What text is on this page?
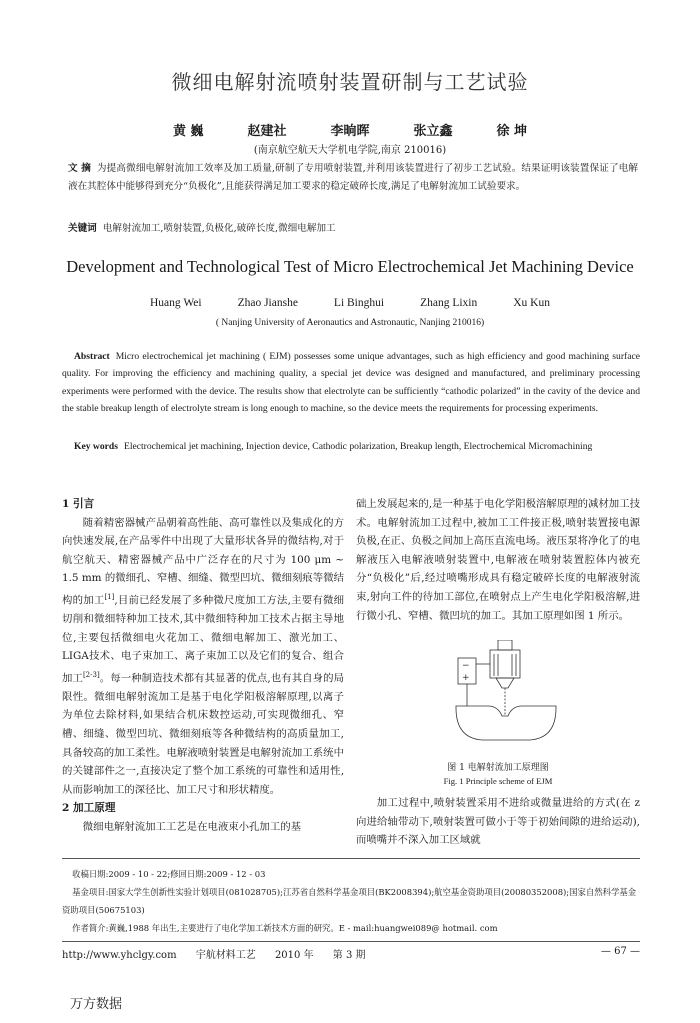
微细电解射流喷射装置研制与工艺试验
黄 巍	赵建社	李晌晖	张立鑫	徐 坤
(南京航空航天大学机电学院,南京 210016)
文 摘 为提高微细电解射流加工效率及加工质量,研制了专用喷射装置,并利用该装置进行了初步工艺试验。结果证明该装置保证了电解液在其腔体中能够得到充分“负极化”,且能获得满足加工要求的稳定破碎长度,满足了电解射流加工试验要求。
关键词 电解射流加工,喷射装置,负极化,破碎长度,微细电解加工
Development and Technological Test of Micro Electrochemical Jet Machining Device
Huang Wei	Zhao Jianshe	Li Binghui	Zhang Lixin	Xu Kun
( Nanjing University of Aeronautics and Astronautic, Nanjing 210016)
Abstract Micro electrochemical jet machining ( EJM) possesses some unique advantages, such as high efficiency and good machining surface quality. For improving the efficiency and machining quality, a special jet device was designed and manufactured, and preliminary processing experiments were performed with the device. The results show that electrolyte can be sufficiently “cathodic polarized” in the cavity of the device and the stable breakup length of electrolyte stream is long enough to machine, so the device meets the requirements for processing experiments.
Key words Electrochemical jet machining, Injection device, Cathodic polarization, Breakup length, Electrochemical Micromachining
1 引言

随着精密器械产品朝着高性能、高可靠性以及集成化的方向快速发展,在产品零件中出现了大量形状各异的微结构,对于航空航天、精密器械产品中广泛存在的尺寸为 100 μm ~ 1.5 mm 的微细孔、窄槽、细缝、微型凹坑、微细刻痕等微结构的加工[1],目前已经发展了多种微尺度加工方法,主要有微细切削和微细特种加工技术,其中微细特种加工技术占据主导地位,主要包括微细电火花加工、微细电解加工、激光加工、LIGA技术、电子束加工、离子束加工以及它们的复合、组合加工[2-3]。每一种制造技术都有其显著的优点,也有其自身的局限性。微细电解射流加工是基于电化学阳极溶解原理,以离子为单位去除材料,如果结合机床数控运动,可实现微细孔、窄槽、细缝、微型凹坑、微细刻痕等各种微结构的高质量加工,具备较高的加工柔性。电解液喷射装置是电解射流加工系统中的关键部件之一,直接决定了整个加工系统的可靠性和适用性,从而影响加工的深径比、加工尺寸和形状精度。

2 加工原理

微细电解射流加工工艺是在电液束小孔加工的基

础上发展起来的,是一种基于电化学阳极溶解原理的减材加工技术。电解射流加工过程中,被加工工件接正极,喷射装置接电源负极,在正、负极之间加上高压直流电场。液压泵将净化了的电解液压入电解液喷射装置中,电解液在喷射装置腔体内被充分“负极化”后,经过喷嘴形成具有稳定破碎长度的电解液射流束,射向工件的待加工部位,在喷射点上产生电化学阳极溶解,进行微小孔、窄槽、微凹坑的加工。其加工原理如图 1 所示。

−
+
图 1 电解射流加工原理图
Fig. 1 Principle scheme of EJM

加工过程中,喷射装置采用不进给或微量进给的方式(在 z 向进给轴带动下,喷射装置可做小于等于初始间隙的进给运动),而喷嘴并不深入加工区域就

收稿日期:2009 - 10 - 22;修回日期:2009 - 12 - 03
基金项目:国家大学生创新性实验计划项目(081028705);江苏省自然科学基金项目(BK2008394);航空基金资助项目(20080352008);国家自然科学基金资助项目(50675103)
作者简介:黄巍,1988 年出生,主要进行了电化学加工新技术方面的研究。E - mail:huangwei089@ hotmail. com
http://www.yhclgy.com 宇航材料工艺 2010 年 第 3 期	— 67 —
万方数据
